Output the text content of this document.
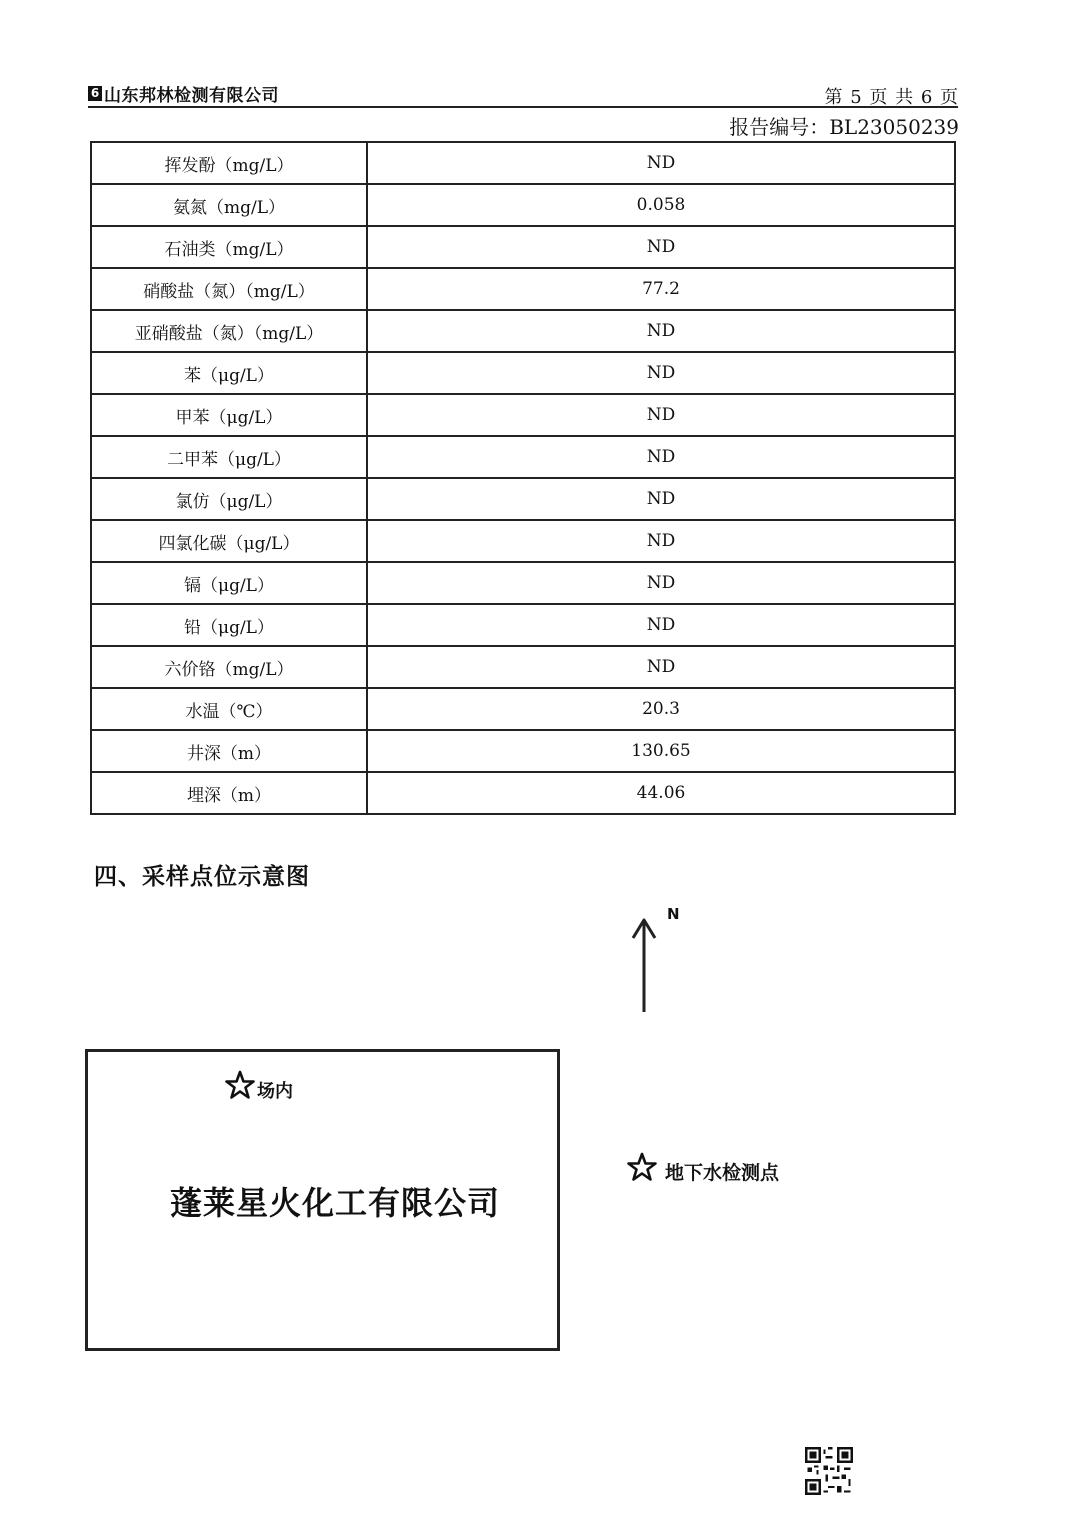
6 山东邦林检测有限公司	第 5 页 共 6 页
报告编号：BL23050239
挥发酚（mg/L）	ND
氨氮（mg/L）	0.058
石油类（mg/L）	ND
硝酸盐（氮）（mg/L）	77.2
亚硝酸盐（氮）（mg/L）	ND
苯（μg/L）	ND
甲苯（μg/L）	ND
二甲苯（μg/L）	ND
氯仿（μg/L）	ND
四氯化碳（μg/L）	ND
镉（μg/L）	ND
铅（μg/L）	ND
六价铬（mg/L）	ND
水温（℃）	20.3
井深（m）	130.65
埋深（m）	44.06
四、采样点位示意图
N
场内
蓬莱星火化工有限公司
地下水检测点
